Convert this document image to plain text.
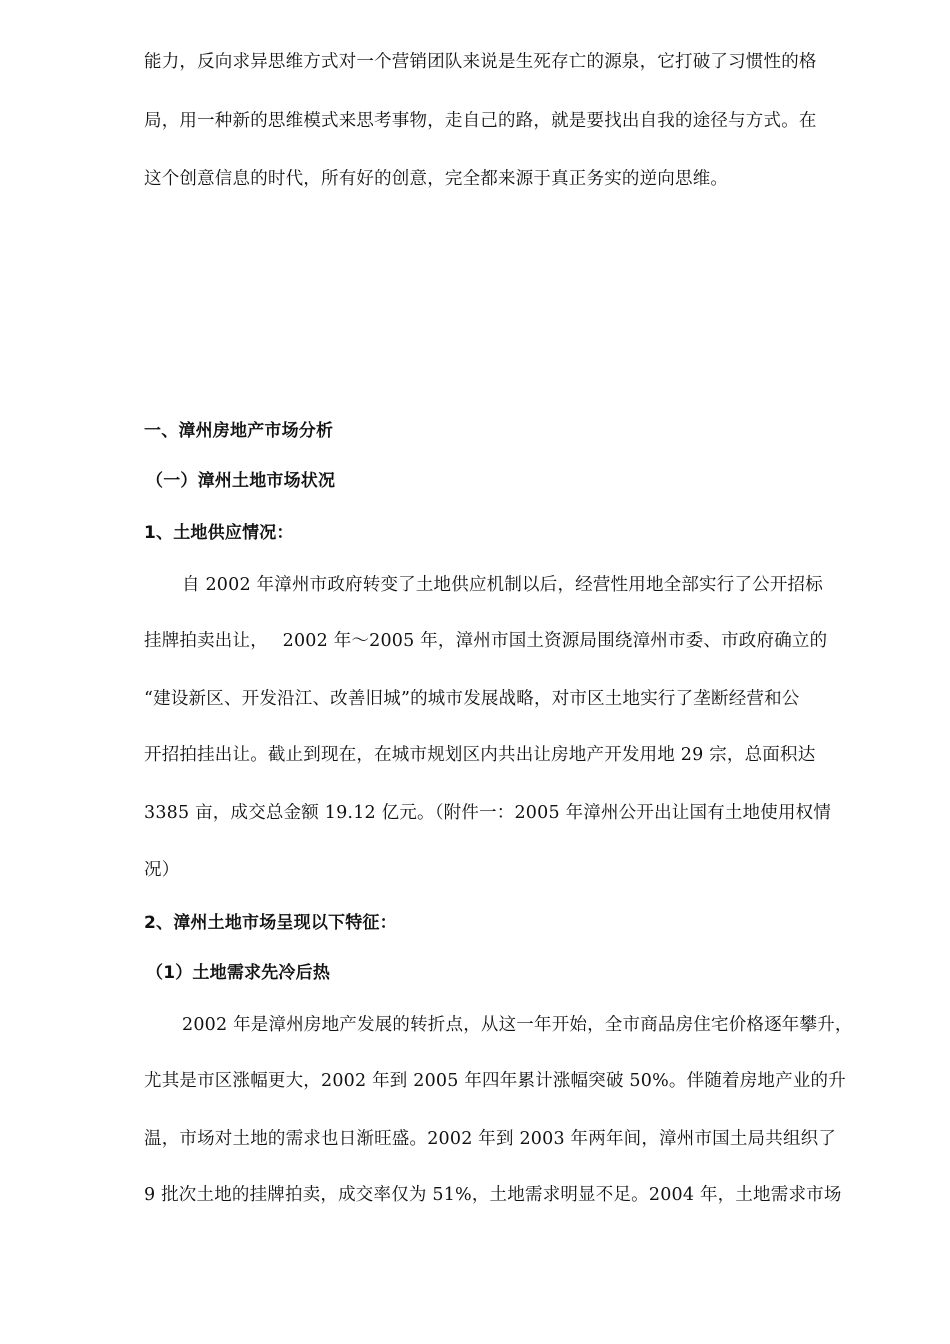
能力，反向求异思维方式对一个营销团队来说是生死存亡的源泉，它打破了习惯性的格
局，用一种新的思维模式来思考事物，走自己的路，就是要找出自我的途径与方式。在
这个创意信息的时代，所有好的创意，完全都来源于真正务实的逆向思维。
一、漳州房地产市场分析
（一）漳州土地市场状况
1、土地供应情况：
自 2002 年漳州市政府转变了土地供应机制以后，经营性用地全部实行了公开招标
挂牌拍卖出让，　 2002 年～2005 年，漳州市国土资源局围绕漳州市委、市政府确立的
“建设新区、开发沿江、改善旧城”的城市发展战略，对市区土地实行了垄断经营和公
开招拍挂出让。截止到现在，在城市规划区内共出让房地产开发用地 29 宗，总面积达
3385 亩，成交总金额 19.12 亿元。（附件一：2005 年漳州公开出让国有土地使用权情
况）
2、漳州土地市场呈现以下特征：
（1）土地需求先冷后热
2002 年是漳州房地产发展的转折点，从这一年开始，全市商品房住宅价格逐年攀升，
尤其是市区涨幅更大，2002 年到 2005 年四年累计涨幅突破 50%。伴随着房地产业的升
温，市场对土地的需求也日渐旺盛。2002 年到 2003 年两年间，漳州市国土局共组织了
9 批次土地的挂牌拍卖，成交率仅为 51%，土地需求明显不足。2004 年，土地需求市场
